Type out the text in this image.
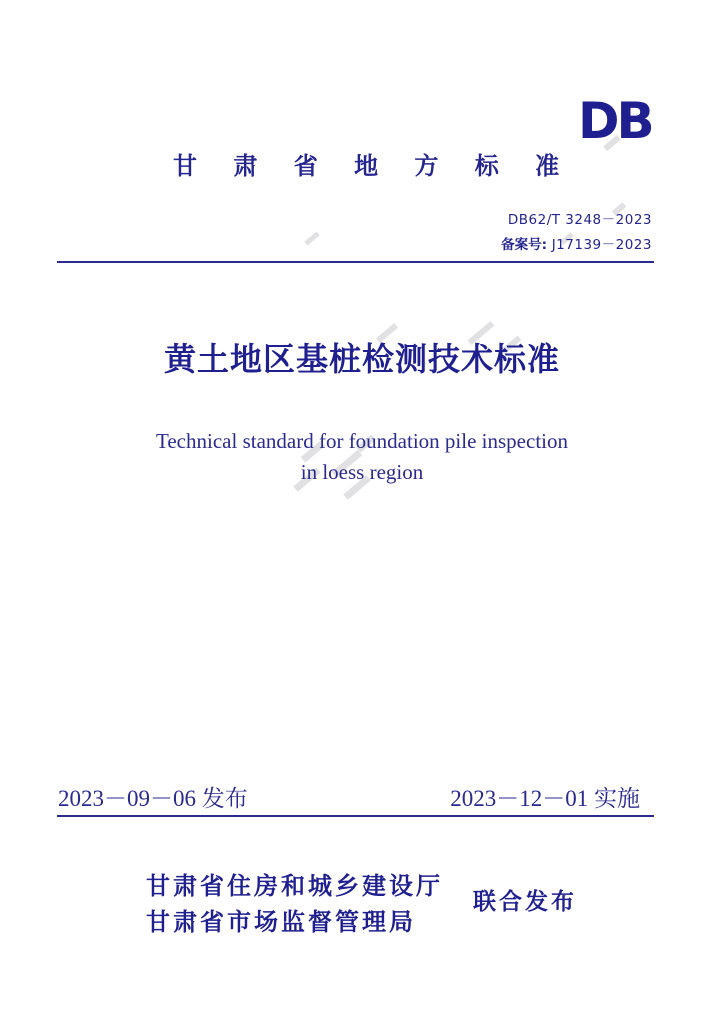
DB
甘 肃 省 地 方 标 准
DB62/T 3248－2023
备案号: J17139－2023
黄土地区基桩检测技术标准
Technical standard for foundation pile inspection
in loess region
2023－09－06 发布	2023－12－01 实施
甘肃省住房和城乡建设厅
甘肃省市场监督管理局
联合发布
